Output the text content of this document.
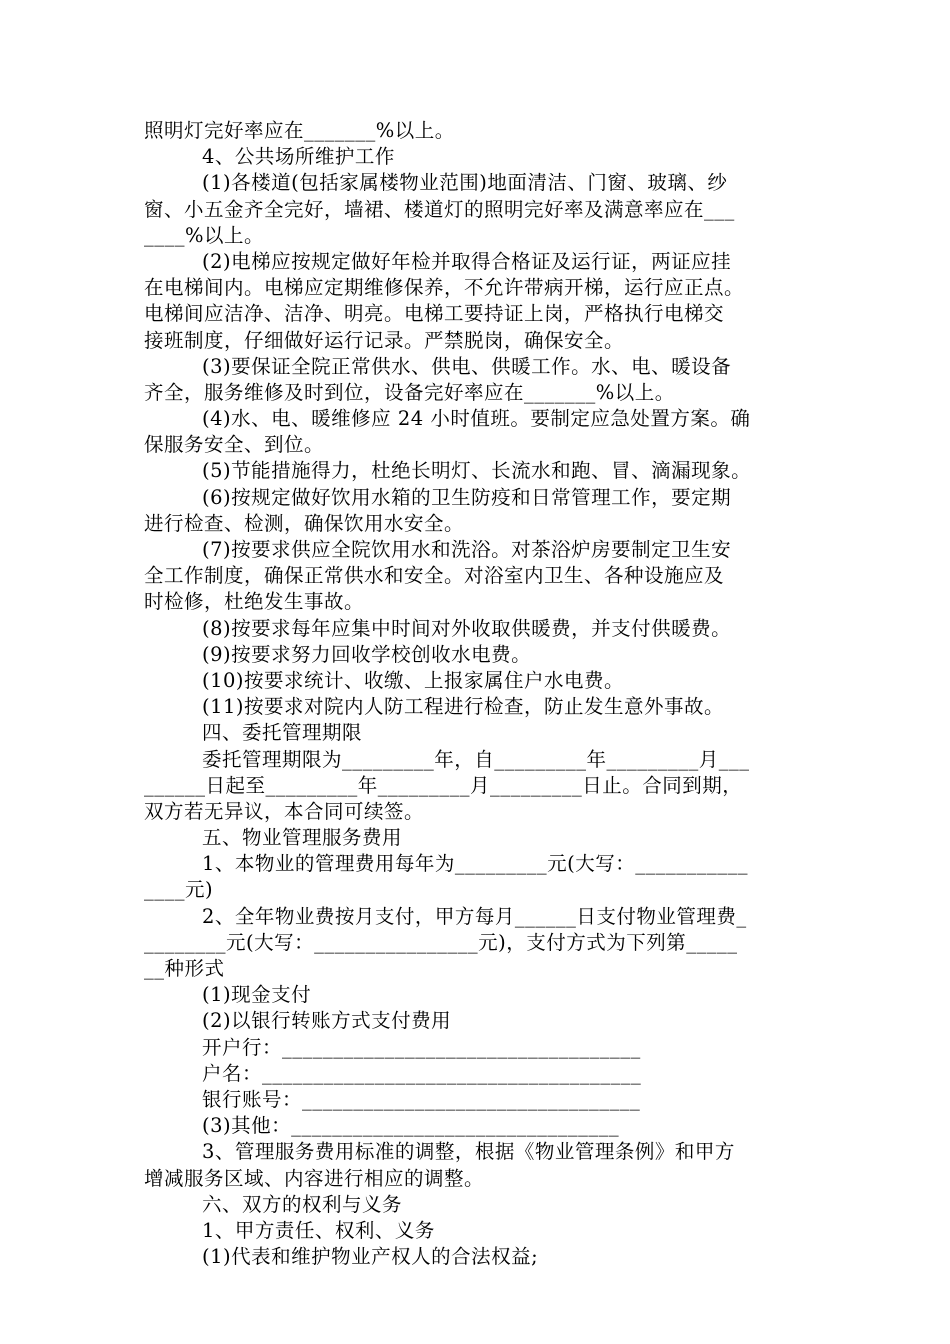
照明灯完好率应在_______%以上。
4、公共场所维护工作
(1)各楼道(包括家属楼物业范围)地面清洁、门窗、玻璃、纱
窗、小五金齐全完好，墙裙、楼道灯的照明完好率及满意率应在___
____%以上。
(2)电梯应按规定做好年检并取得合格证及运行证，两证应挂
在电梯间内。电梯应定期维修保养，不允许带病开梯，运行应正点。
电梯间应洁净、洁净、明亮。电梯工要持证上岗，严格执行电梯交
接班制度，仔细做好运行记录。严禁脱岗，确保安全。
(3)要保证全院正常供水、供电、供暖工作。水、电、暖设备
齐全，服务维修及时到位，设备完好率应在_______%以上。
(4)水、电、暖维修应 24 小时值班。要制定应急处置方案。确
保服务安全、到位。
(5)节能措施得力，杜绝长明灯、长流水和跑、冒、滴漏现象。
(6)按规定做好饮用水箱的卫生防疫和日常管理工作，要定期
进行检查、检测，确保饮用水安全。
(7)按要求供应全院饮用水和洗浴。对茶浴炉房要制定卫生安
全工作制度，确保正常供水和安全。对浴室内卫生、各种设施应及
时检修，杜绝发生事故。
(8)按要求每年应集中时间对外收取供暖费，并支付供暖费。
(9)按要求努力回收学校创收水电费。
(10)按要求统计、收缴、上报家属住户水电费。
(11)按要求对院内人防工程进行检查，防止发生意外事故。
四、委托管理期限
委托管理期限为_________年，自_________年_________月___
______日起至_________年_________月_________日止。合同到期，
双方若无异议，本合同可续签。
五、物业管理服务费用
1、本物业的管理费用每年为_________元(大写：___________
____元)
2、全年物业费按月支付，甲方每月______日支付物业管理费_
________元(大写：________________元)，支付方式为下列第_____
__种形式
(1)现金支付
(2)以银行转账方式支付费用
开户行：___________________________________
户名：_____________________________________
银行账号：_________________________________
(3)其他：________________________________
3、管理服务费用标准的调整，根据《物业管理条例》和甲方
增减服务区域、内容进行相应的调整。
六、双方的权利与义务
1、甲方责任、权利、义务
(1)代表和维护物业产权人的合法权益;
